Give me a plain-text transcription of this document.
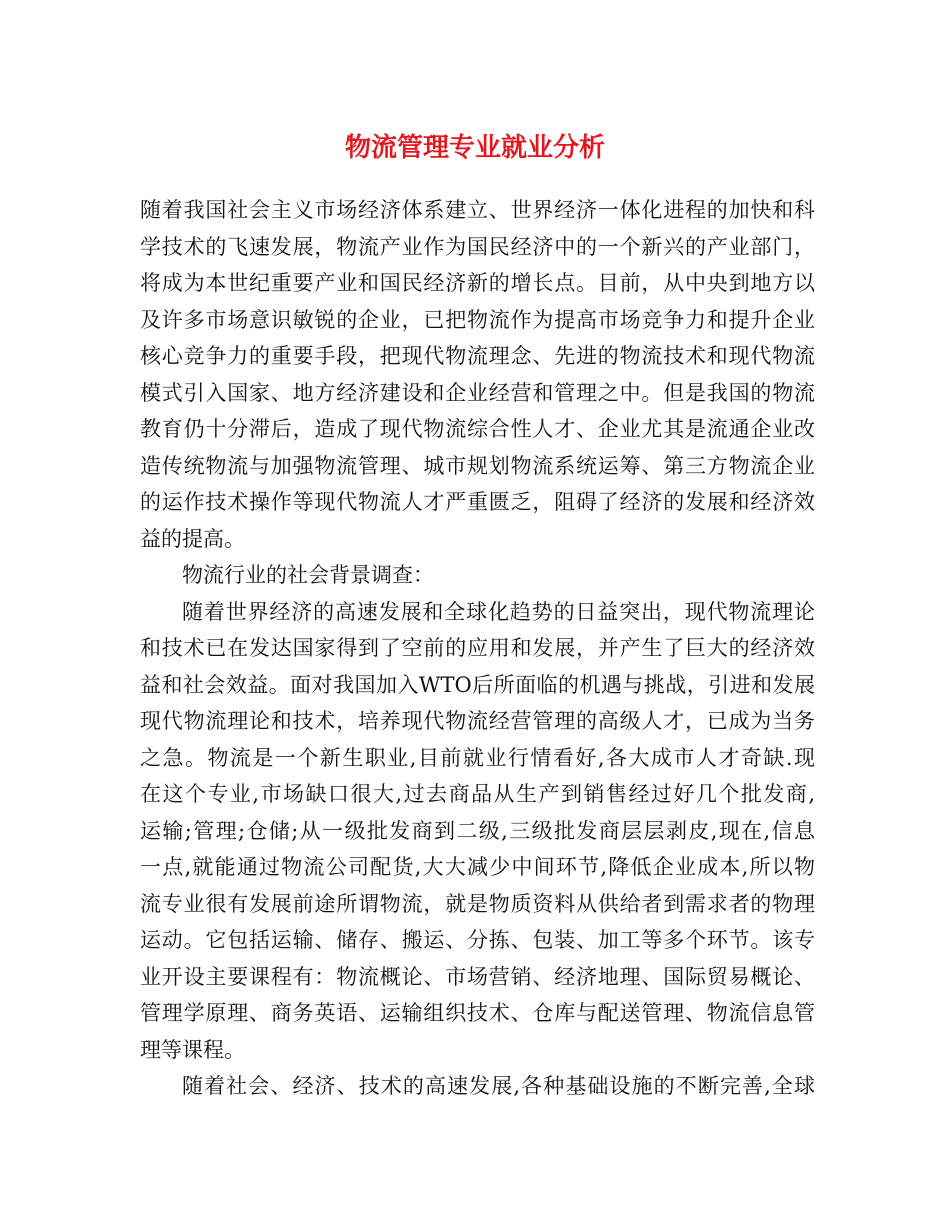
物流管理专业就业分析
随着我国社会主义市场经济体系建立、世界经济一体化进程的加快和科
学技术的飞速发展，物流产业作为国民经济中的一个新兴的产业部门，
将成为本世纪重要产业和国民经济新的增长点。目前，从中央到地方以
及许多市场意识敏锐的企业，已把物流作为提高市场竞争力和提升企业
核心竞争力的重要手段，把现代物流理念、先进的物流技术和现代物流
模式引入国家、地方经济建设和企业经营和管理之中。但是我国的物流
教育仍十分滞后，造成了现代物流综合性人才、企业尤其是流通企业改
造传统物流与加强物流管理、城市规划物流系统运筹、第三方物流企业
的运作技术操作等现代物流人才严重匮乏，阻碍了经济的发展和经济效
益的提高。
物流行业的社会背景调查：
随着世界经济的高速发展和全球化趋势的日益突出，现代物流理论
和技术已在发达国家得到了空前的应用和发展，并产生了巨大的经济效
益和社会效益。面对我国加入WTO后所面临的机遇与挑战，引进和发展
现代物流理论和技术，培养现代物流经营管理的高级人才，已成为当务
之急。物流是一个新生职业,目前就业行情看好,各大成市人才奇缺.现
在这个专业,市场缺口很大,过去商品从生产到销售经过好几个批发商,
运输;管理;仓储;从一级批发商到二级,三级批发商层层剥皮,现在,信息
一点,就能通过物流公司配货,大大减少中间环节,降低企业成本,所以物
流专业很有发展前途所谓物流，就是物质资料从供给者到需求者的物理
运动。它包括运输、储存、搬运、分拣、包装、加工等多个环节。该专
业开设主要课程有：物流概论、市场营销、经济地理、国际贸易概论、
管理学原理、商务英语、运输组织技术、仓库与配送管理、物流信息管
理等课程。
随着社会、经济、技术的高速发展,各种基础设施的不断完善,全球
